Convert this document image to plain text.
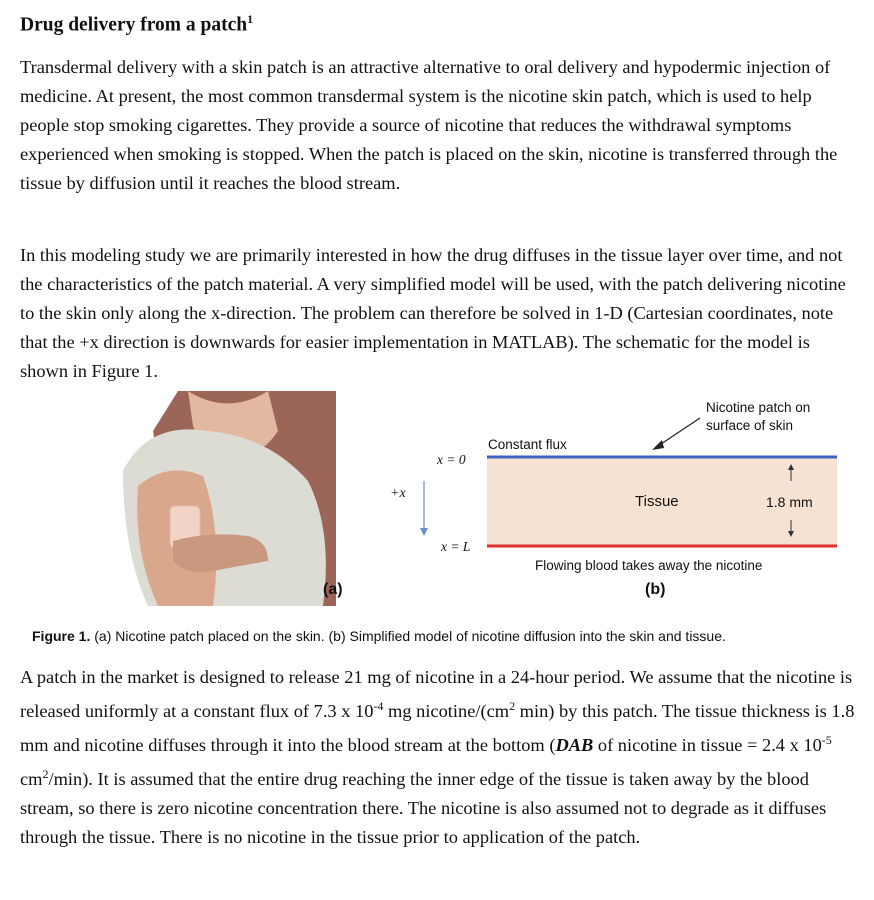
Drug delivery from a patch$^1$

Transdermal delivery with a skin patch is an attractive alternative to oral delivery and hypodermic injection of medicine. At present, the most common transdermal system is the nicotine skin patch, which is used to help people stop smoking cigarettes. They provide a source of nicotine that reduces the withdrawal symptoms experienced when smoking is stopped. When the patch is placed on the skin, nicotine is transferred through the tissue by diffusion until it reaches the blood stream.

In this modeling study we are primarily interested in how the drug diffuses in the tissue layer over time, and not the characteristics of the patch material. A very simplified model will be used, with the patch delivering nicotine to the skin only along the x-direction. The problem can therefore be solved in 1-D (Cartesian coordinates, note that the +x direction is downwards for easier implementation in MATLAB). The schematic for the model is shown in Figure 1.

(a)
Nicotine patch on
surface of skin
Constant flux
x = 0
+x	Tissue	1.8 mm
x = L
Flowing blood takes away the nicotine
(b)
Figure 1. (a) Nicotine patch placed on the skin. (b) Simplified model of nicotine diffusion into the skin and tissue.

A patch in the market is designed to release 21 mg of nicotine in a 24-hour period. We assume that the nicotine is released uniformly at a constant flux of 7.3 x $10^{-4}$ mg nicotine/($cm^2$ min) by this patch. The tissue thickness is 1.8 mm and nicotine diffuses through it into the blood stream at the bottom (DAB of nicotine in tissue = 2.4 x $10^{-5}$ $cm^2/\min$). It is assumed that the entire drug reaching the inner edge of the tissue is taken away by the blood stream, so there is zero nicotine concentration there. The nicotine is also assumed not to degrade as it diffuses through the tissue. There is no nicotine in the tissue prior to application of the patch.
